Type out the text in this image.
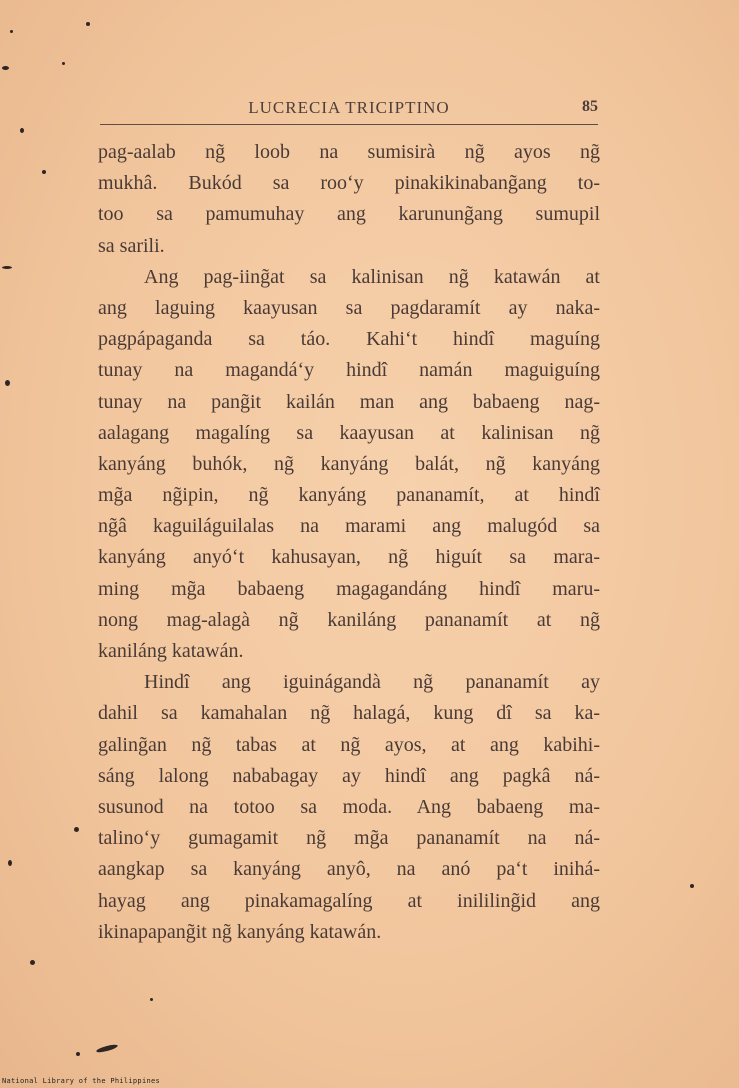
LUCRECIA TRICIPTINO	85
pag-aalab ng̃ loob na sumisirà ng̃ ayos ng̃
mukhâ. Bukód sa roo‘y pinakikinabang̃ang to-
too sa pamumuhay ang karunung̃ang sumupil
sa sarili.
Ang pag-iing̃at sa kalinisan ng̃ katawán at
ang laguing kaayusan sa pagdaramít ay naka-
pagpápaganda sa táo. Kahi‘t hindî maguíng
tunay na magandá‘y hindî namán maguiguíng
tunay na pang̃it kailán man ang babaeng nag-
aalagang magalíng sa kaayusan at kalinisan ng̃
kanyáng buhók, ng̃ kanyáng balát, ng̃ kanyáng
mg̃a ng̃ipin, ng̃ kanyáng pananamít, at hindî
ng̃â kaguiláguilalas na marami ang malugód sa
kanyáng anyó‘t kahusayan, ng̃ higuít sa mara-
ming mg̃a babaeng magagandáng hindî maru-
nong mag-alagà ng̃ kaniláng pananamít at ng̃
kaniláng katawán.
Hindî ang iguinágandà ng̃ pananamít ay
dahil sa kamahalan ng̃ halagá, kung dî sa ka-
galing̃an ng̃ tabas at ng̃ ayos, at ang kabihi-
sáng lalong nababagay ay hindî ang pagkâ ná-
susunod na totoo sa moda. Ang babaeng ma-
talino‘y gumagamit ng̃ mg̃a pananamít na ná-
aangkap sa kanyáng anyô, na anó pa‘t inihá-
hayag ang pinakamagalíng at inililing̃id ang
ikinapapang̃it ng̃ kanyáng katawán.
National Library of the Philippines
